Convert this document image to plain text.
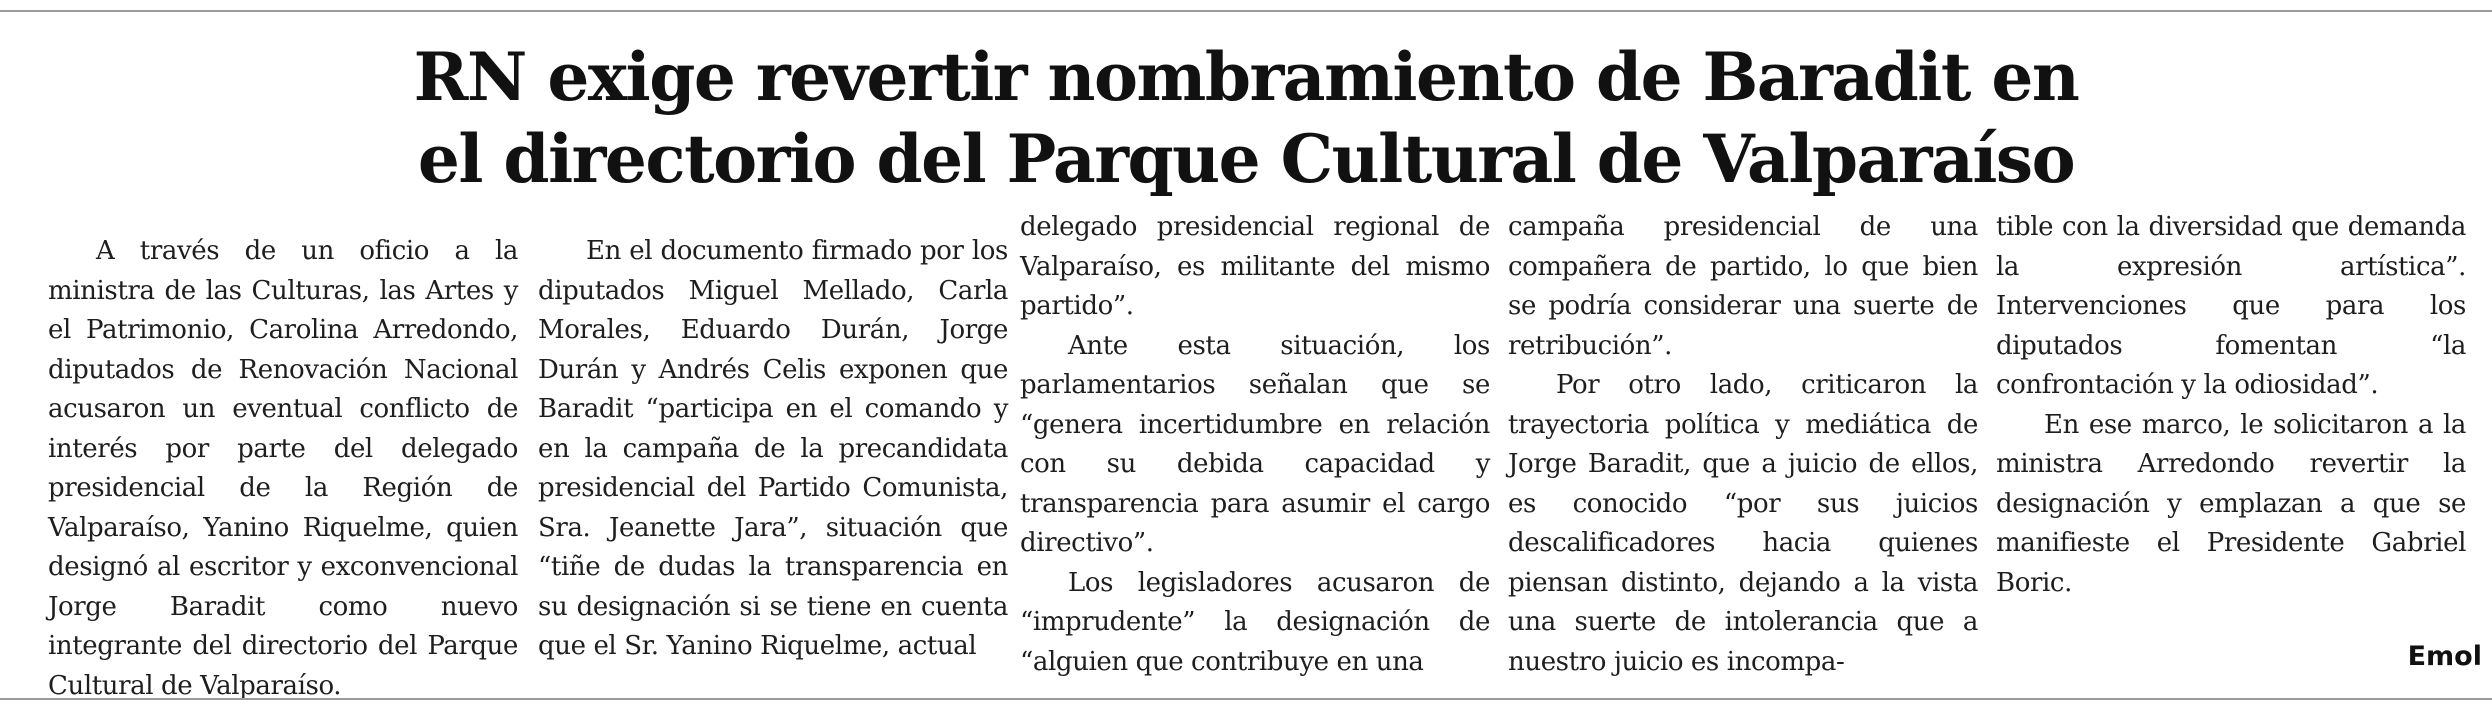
RN exige revertir nombramiento de Baradit en
el directorio del Parque Cultural de Valparaíso

A través de un oficio a la ministra de las Culturas, las Artes y el Patrimonio, Carolina Arredondo, diputados de Renovación Nacional acusaron un eventual conflicto de interés por parte del delegado presidencial de la Región de Valparaíso, Yanino Riquelme, quien designó al escritor y exconvencional Jorge Baradit como nuevo integrante del directorio del Parque Cultural de Valparaíso.

En el documento firmado por los diputados Miguel Mellado, Carla Morales, Eduardo Durán, Jorge Durán y Andrés Celis exponen que Baradit “participa en el comando y en la campaña de la precandidata presidencial del Partido Comunista, Sra. Jeanette Jara”, situación que “tiñe de dudas la transparencia en su designación si se tiene en cuenta que el Sr. Yanino Riquelme, actual

delegado presidencial regional de Valparaíso, es militante del mismo partido”.

Ante esta situación, los parlamentarios señalan que se “genera incertidumbre en relación con su debida capacidad y transparencia para asumir el cargo directivo”.

Los legisladores acusaron de “imprudente” la designación de “alguien que contribuye en una

campaña presidencial de una compañera de partido, lo que bien se podría considerar una suerte de retribución”.

Por otro lado, criticaron la trayectoria política y mediática de Jorge Baradit, que a juicio de ellos, es conocido “por sus juicios descalificadores hacia quienes piensan distinto, dejando a la vista una suerte de intolerancia que a nuestro juicio es incompa-

tible con la diversidad que demanda la expresión artística”. Intervenciones que para los diputados fomentan “la confrontación y la odiosidad”.

En ese marco, le solicitaron a la ministra Arredondo revertir la designación y emplazan a que se manifieste el Presidente Gabriel Boric.

Emol
